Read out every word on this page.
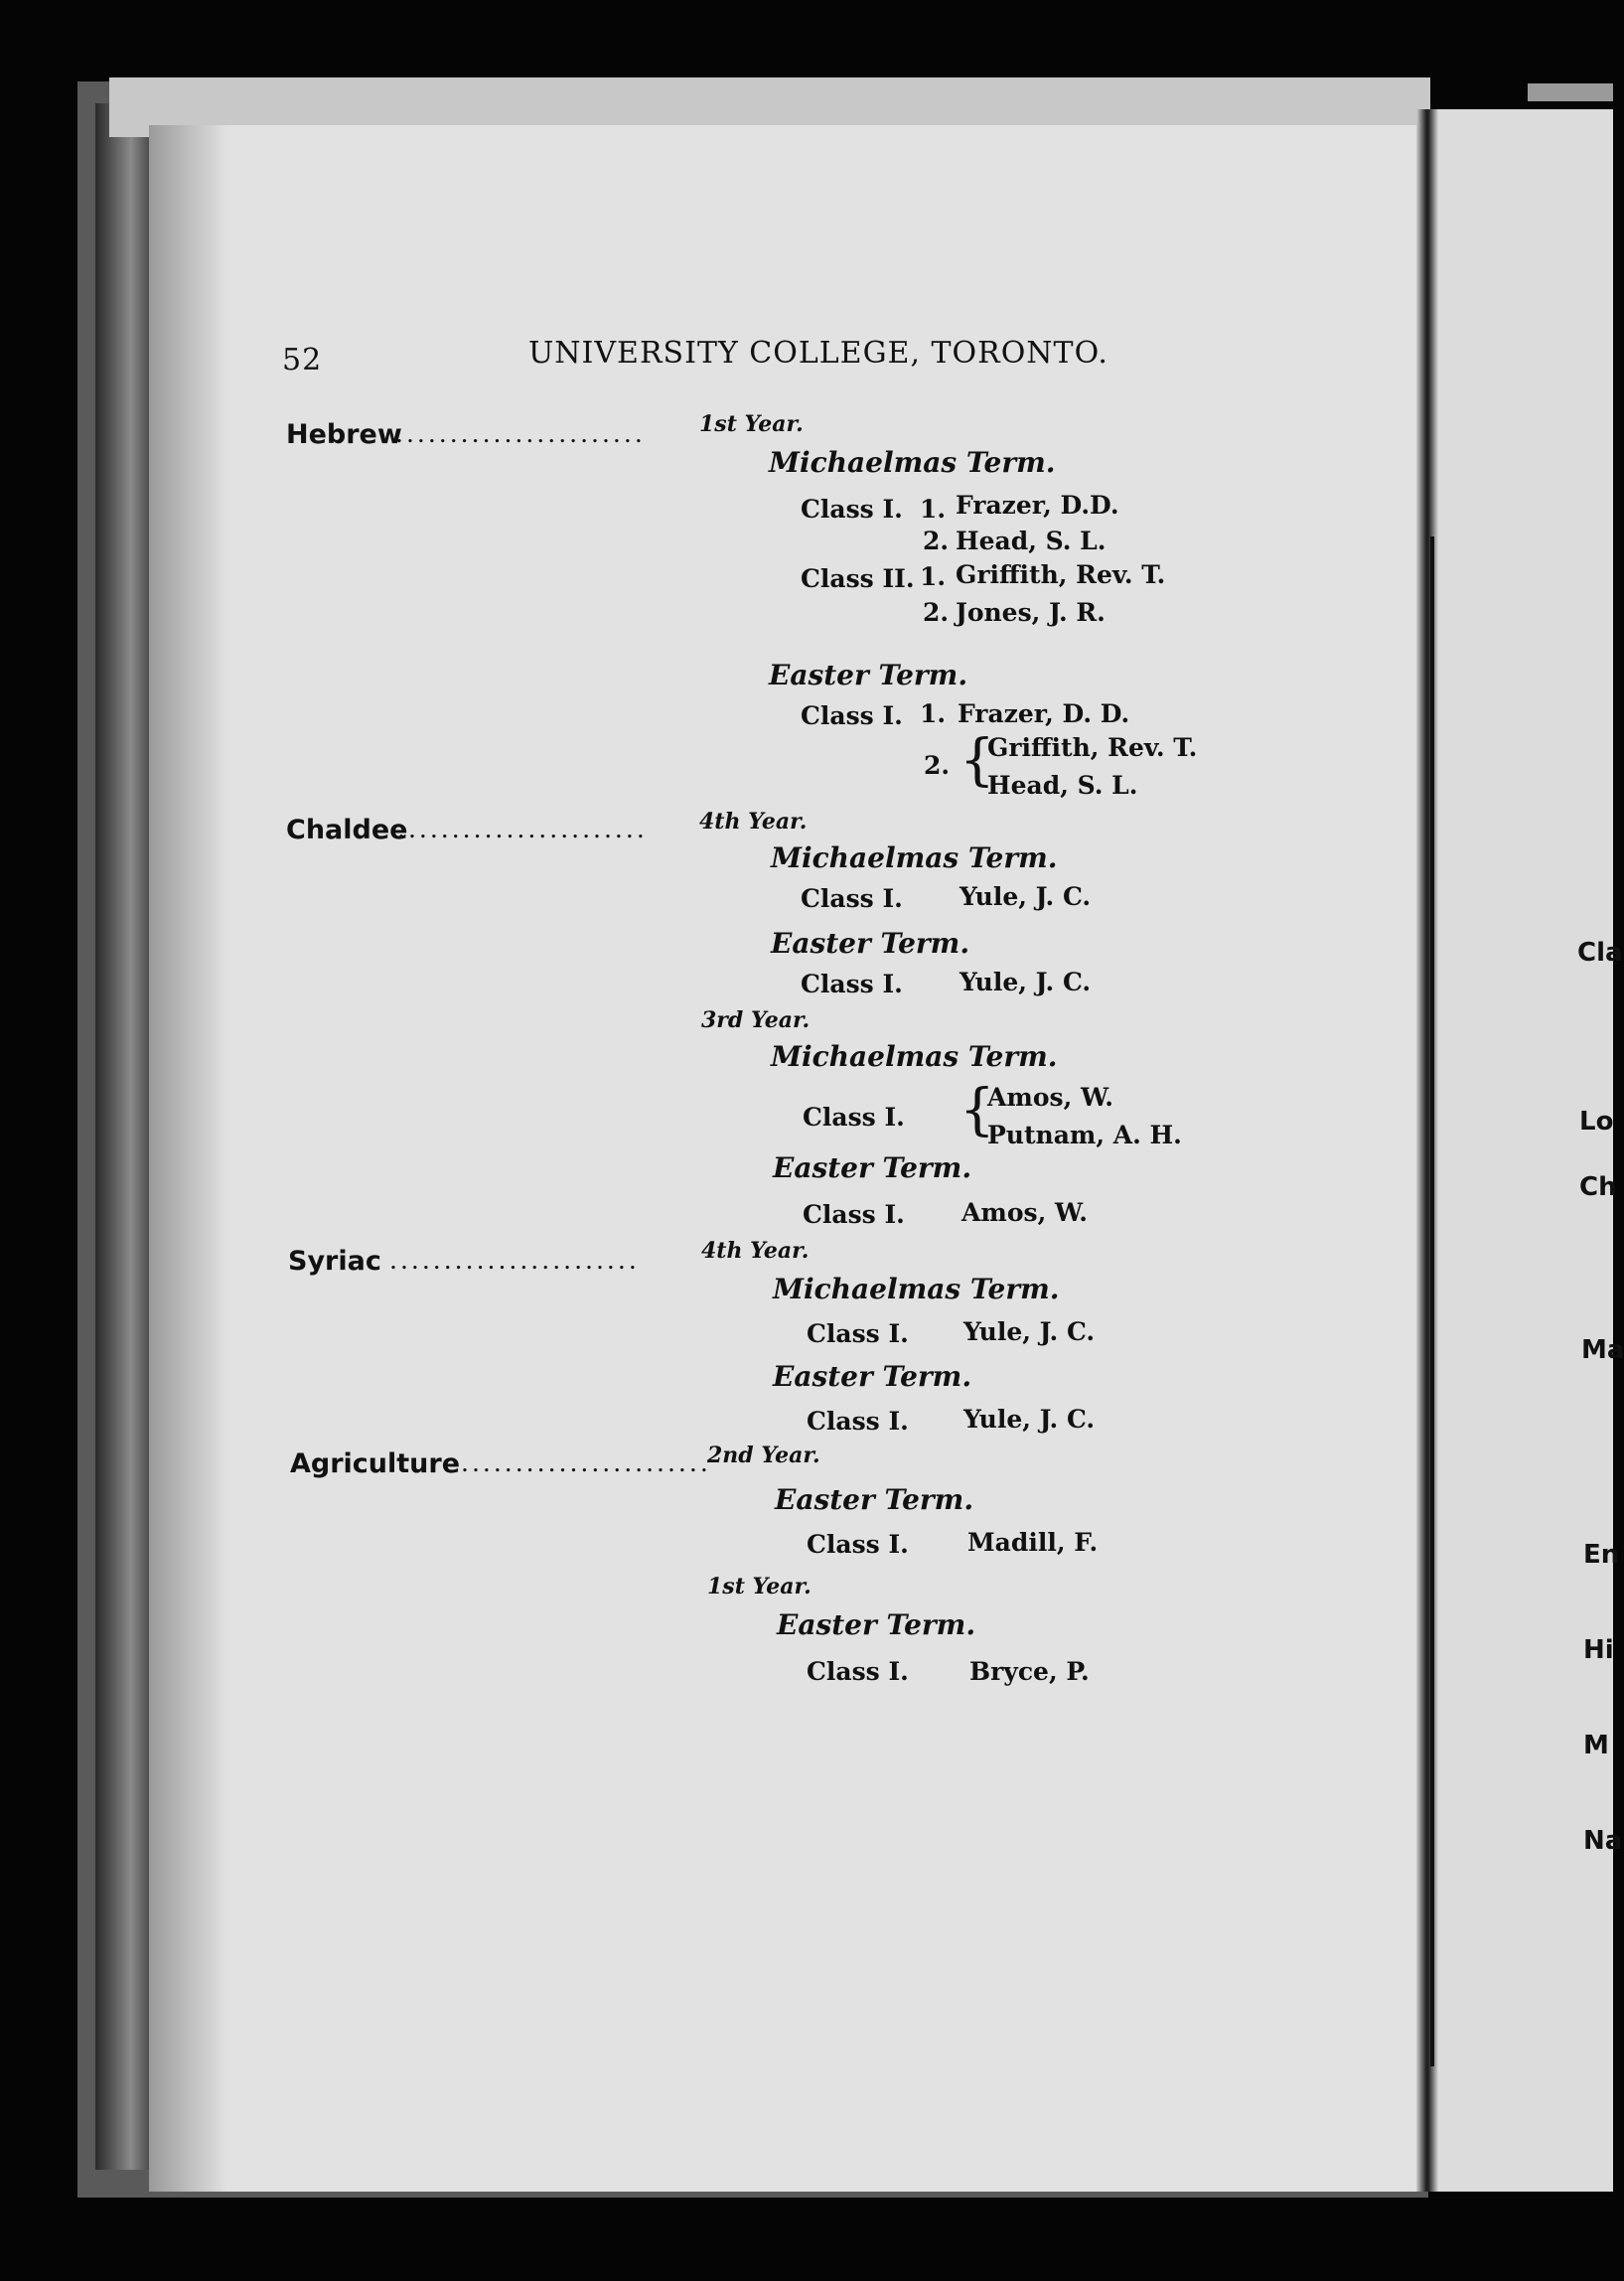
52	UNIVERSITY COLLEGE, TORONTO.
Hebrew
....................... 1st Year.
Michaelmas Term.
Class I. 1. Frazer, D.D.
2. Head, S. L.
Class II. 1. Griffith, Rev. T.
2. Jones, J. R.
Easter Term.
Class I. 1. Frazer, D. D.
2. {
Griffith, Rev. T.
Head, S. L.
Chaldee
....................... 4th Year.
Michaelmas Term.
Class I. Yule, J. C.
Easter Term.
Class I. Yule, J. C.
3rd Year.
Michaelmas Term.
Class I. {
Amos, W.
Putnam, A. H.
Easter Term.
Class I. Amos, W.
Syriac .......................	4th Year.
Michaelmas Term.
Class I. Yule, J. C.
Easter Term.
Class I. Yule, J. C.
Agriculture .......................
2nd Year.
Easter Term.
Class I. Madill, F.
1st Year.
Easter Term.
Class I. Bryce, P.
Cla
Lo
Ch
Ma
En
Hi
M
Na
